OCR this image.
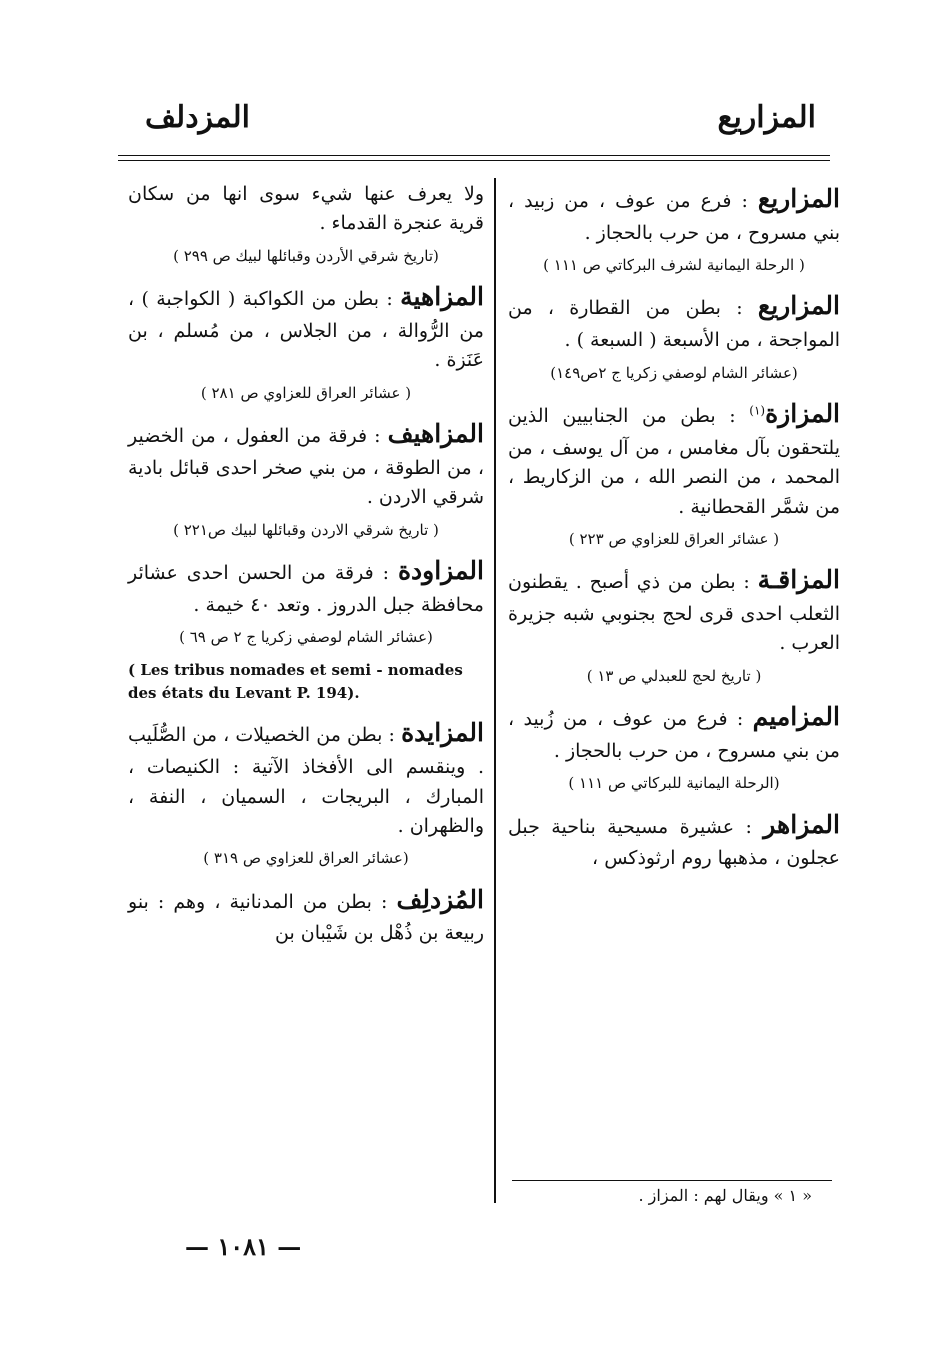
المزاريع
المزدلف
المزاريع : فرع من عوف ، من زبيد ، بني مسروح ، من حرب بالحجاز .
( الرحلة اليمانية لشرف البركاتي ص ١١١ )
المزاريع : بطن من القطارة ، من المواجحة ، من الأسبعة ( السبعة ) .
(عشائر الشام لوصفي زكريا ج ٢ص١٤٩)
المزازة$^{(١)}$ : بطن من الجنابيين الذين يلتحقون بآل مغامس ، من آل يوسف ، من المحمد ، من النصر الله ، من الزكاريط ، من شمَّر القحطانية .
( عشائر العراق للعزاوي ص ٢٢٣ )
المزاقـة : بطن من ذي أصبح . يقطنون الثعلب احدى قرى لحج بجنوبي شبه جزيرة العرب .
( تاريخ لحج للعبدلي ص ١٣ )
المزاميم : فرع من عوف ، من زُبيد ، من بني مسروح ، من حرب بالحجاز .
(الرحلة اليمانية للبركاتي ص ١١١ )
المزاهر : عشيرة مسيحية بناحية جبل عجلون ، مذهبها روم ارثوذكس ،
ولا يعرف عنها شيء سوى انها من سكان قرية عنجرة القدماء .
(تاريخ شرقي الأردن وقبائلها لبيك ص ٢٩٩ )
المزاهية : بطن من الكواكبة ( الكواجبة ) ، من الرُّوالة ، من الجلاس ، من مُسلم ، بن عَنَزة .
( عشائر العراق للعزاوي ص ٢٨١ )
المزاهيف : فرقة من العفول ، من الخضير ، من الطوقة ، من بني صخر احدى قبائل بادية شرقي الاردن .
( تاريخ شرقي الاردن وقبائلها لبيك ص٢٢١ )
المزاودة : فرقة من الحسن احدى عشائر محافظة جبل الدروز . وتعد ٤٠ خيمة .
(عشائر الشام لوصفي زكريا ج ٢ ص ٦٩ )
( Les tribus nomades et semi - nomades des états du Levant P. 194).
المزايدة : بطن من الخصيلات ، من الصُّلَيب . وينقسم الى الأفخاذ الآتية : الكنيصات ، المبارك ، البريجات ، السميان ، النفة ، والظهران .
(عشائر العراق للعزاوي ص ٣١٩ )
المُزدلِف : بطن من المدنانية ، وهم : بنو ربيعة بن ذُهْل بن شَيْبان بن
« ١ » ويقال لهم : المزاز .
— ١٠٨١ —
